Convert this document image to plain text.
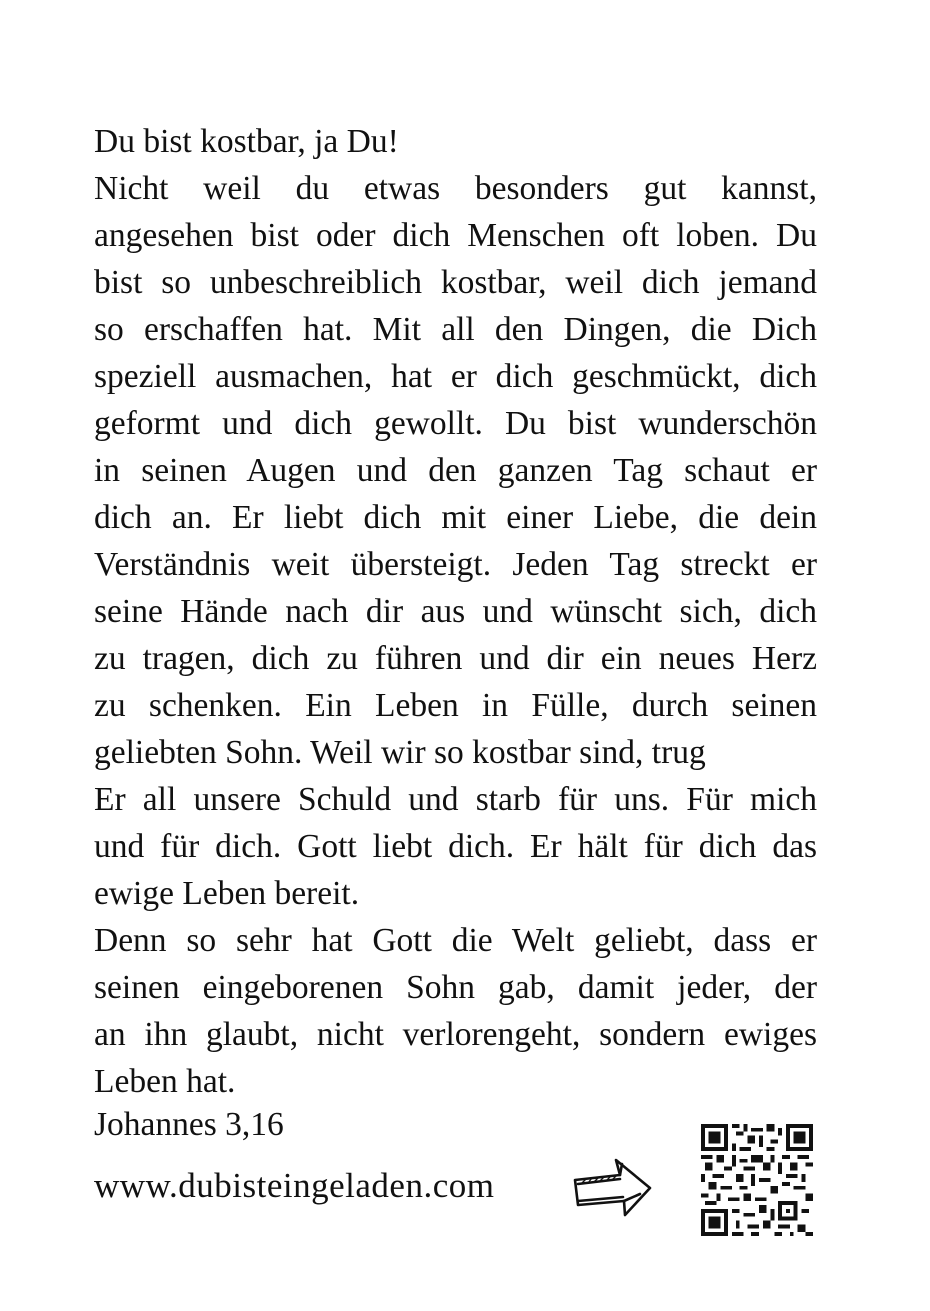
Du bist kostbar, ja Du!
Nicht weil du etwas besonders gut kannst,
angesehen bist oder dich Menschen oft loben. Du
bist so unbeschreiblich kostbar, weil dich jemand
so erschaffen hat. Mit all den Dingen, die Dich
speziell ausmachen, hat er dich geschmückt, dich
geformt und dich gewollt. Du bist wunderschön
in seinen Augen und den ganzen Tag schaut er
dich an. Er liebt dich mit einer Liebe, die dein
Verständnis weit übersteigt. Jeden Tag streckt er
seine Hände nach dir aus und wünscht sich, dich
zu tragen, dich zu führen und dir ein neues Herz
zu schenken. Ein Leben in Fülle, durch seinen
geliebten Sohn. Weil wir so kostbar sind, trug
Er all unsere Schuld und starb für uns. Für mich
und für dich. Gott liebt dich. Er hält für dich das
ewige Leben bereit.
Denn so sehr hat Gott die Welt geliebt, dass er
seinen eingeborenen Sohn gab, damit jeder, der
an ihn glaubt, nicht verlorengeht, sondern ewiges
Leben hat.
Johannes 3,16
www.dubisteingeladen.com
